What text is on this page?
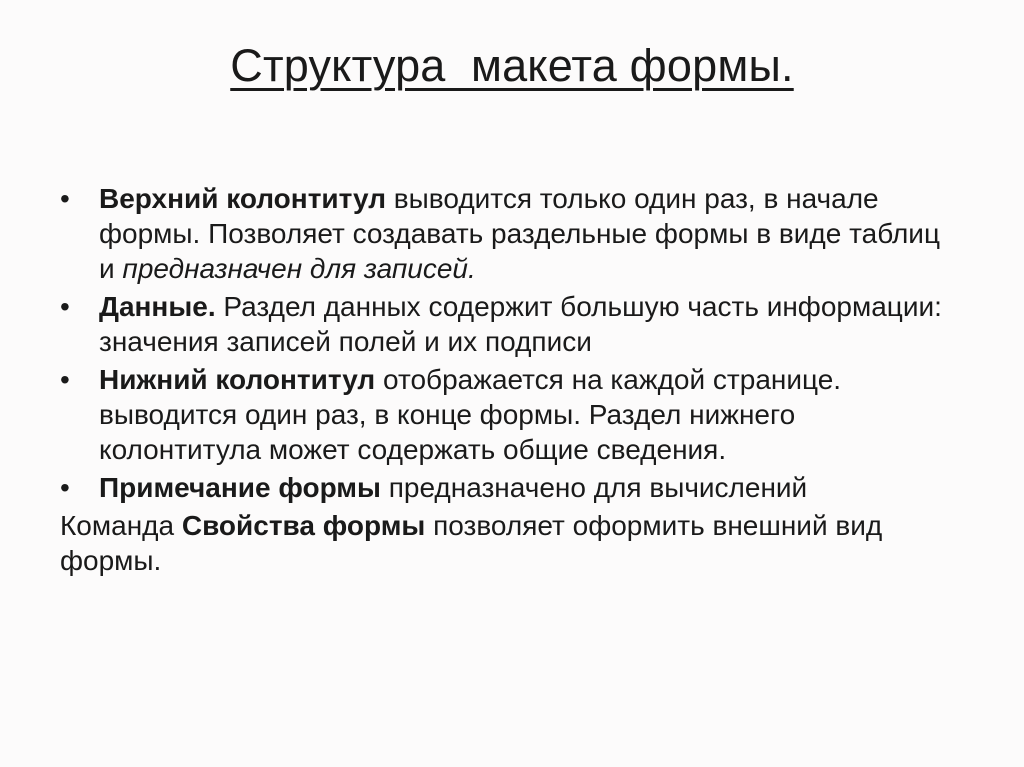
Структура  макета формы.
•	Верхний колонтитул выводится только один раз, в начале формы. Позволяет создавать раздельные формы в виде таблиц и предназначен для записей.
•	Данные. Раздел данных содержит большую часть информации: значения записей полей и их подписи
•	Нижний колонтитул отображается на каждой странице. выводится один раз, в конце формы. Раздел нижнего колонтитула может содержать общие сведения.
•	Примечание формы предназначено для вычислений

Команда Свойства формы позволяет оформить внешний вид формы.
